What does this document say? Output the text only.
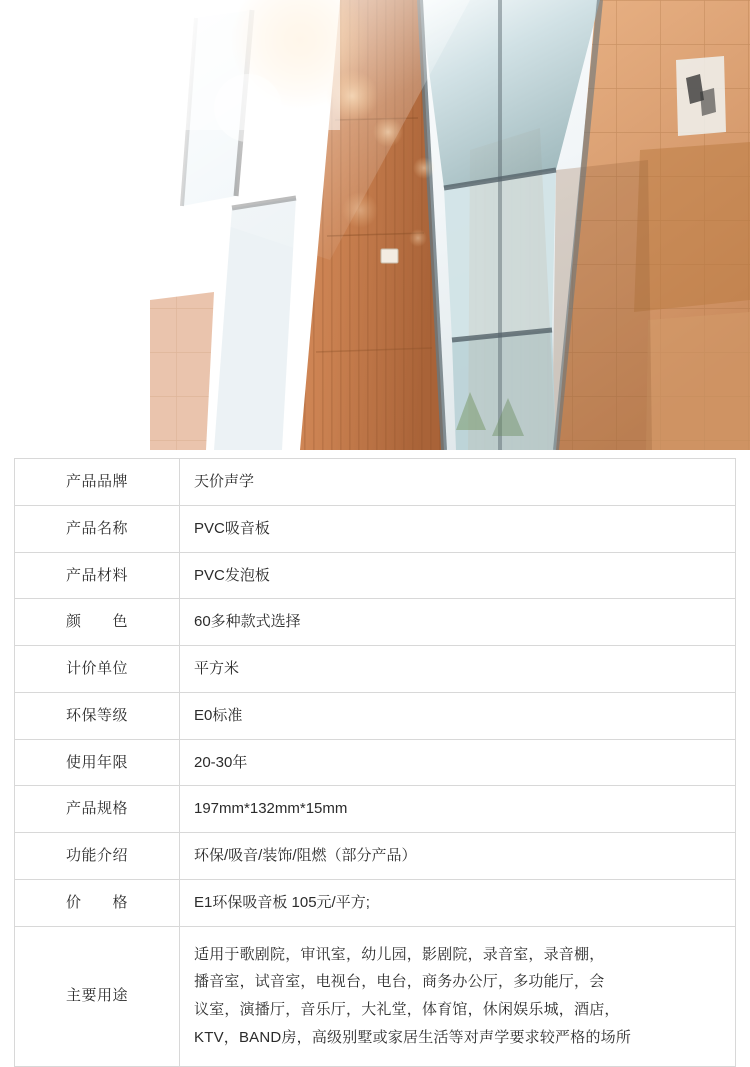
产品品牌	天价声学
产品名称	PVC吸音板
产品材料	PVC发泡板
颜　　色	60多种款式选择
计价单位	平方米
环保等级	E0标准
使用年限	20-30年
产品规格	197mm*132mm*15mm
功能介绍	环保/吸音/装饰/阻燃（部分产品）
价　　格	E1环保吸音板 105元/平方;
主要用途	适用于歌剧院，审讯室，幼儿园，影剧院，录音室，录音棚，
播音室，试音室，电视台，电台，商务办公厅，多功能厅，会
议室，演播厅，音乐厅，大礼堂，体育馆，休闲娱乐城，酒店，
KTV，BAND房，高级别墅或家居生活等对声学要求较严格的场所
